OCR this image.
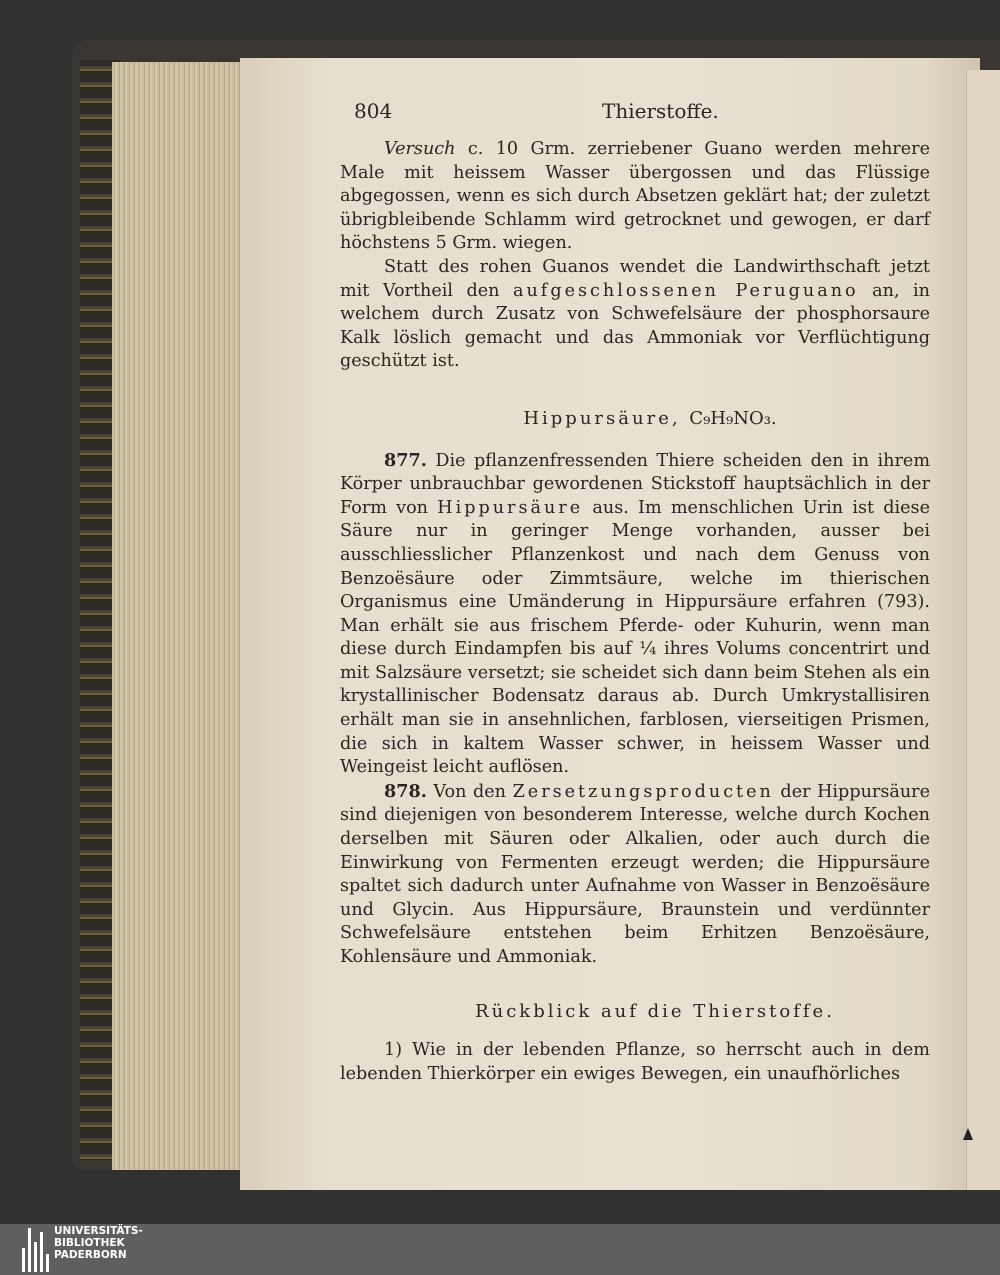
804	Thierstoffe.

Versuch c. 10 Grm. zerriebener Guano werden mehrere Male mit heissem Wasser übergossen und das Flüssige abgegossen, wenn es sich durch Absetzen geklärt hat; der zuletzt übrigbleibende Schlamm wird getrocknet und gewogen, er darf höchstens 5 Grm. wiegen.

Statt des rohen Guanos wendet die Landwirthschaft jetzt mit Vortheil den aufgeschlossenen Peruguano an, in welchem durch Zusatz von Schwefelsäure der phosphorsaure Kalk löslich gemacht und das Ammoniak vor Verflüchtigung geschützt ist.

Hippursäure, C₉H₉NO₃.

877. Die pflanzenfressenden Thiere scheiden den in ihrem Körper unbrauchbar gewordenen Stickstoff hauptsächlich in der Form von Hippursäure aus. Im menschlichen Urin ist diese Säure nur in geringer Menge vorhanden, ausser bei ausschliesslicher Pflanzenkost und nach dem Genuss von Benzoësäure oder Zimmtsäure, welche im thierischen Organismus eine Umänderung in Hippursäure erfahren (793). Man erhält sie aus frischem Pferde- oder Kuhurin, wenn man diese durch Eindampfen bis auf ¼ ihres Volums concentrirt und mit Salzsäure versetzt; sie scheidet sich dann beim Stehen als ein krystallinischer Bodensatz daraus ab. Durch Umkrystallisiren erhält man sie in ansehnlichen, farblosen, vierseitigen Prismen, die sich in kaltem Wasser schwer, in heissem Wasser und Weingeist leicht auflösen.

878. Von den Zersetzungsproducten der Hippursäure sind diejenigen von besonderem Interesse, welche durch Kochen derselben mit Säuren oder Alkalien, oder auch durch die Einwirkung von Fermenten erzeugt werden; die Hippursäure spaltet sich dadurch unter Aufnahme von Wasser in Benzoësäure und Glycin. Aus Hippursäure, Braunstein und verdünnter Schwefelsäure entstehen beim Erhitzen Benzoësäure, Kohlensäure und Ammoniak.

Rückblick auf die Thierstoffe.

1) Wie in der lebenden Pflanze, so herrscht auch in dem lebenden Thierkörper ein ewiges Bewegen, ein unaufhörliches

UNIVERSITÄTS-
BIBLIOTHEK
PADERBORN
